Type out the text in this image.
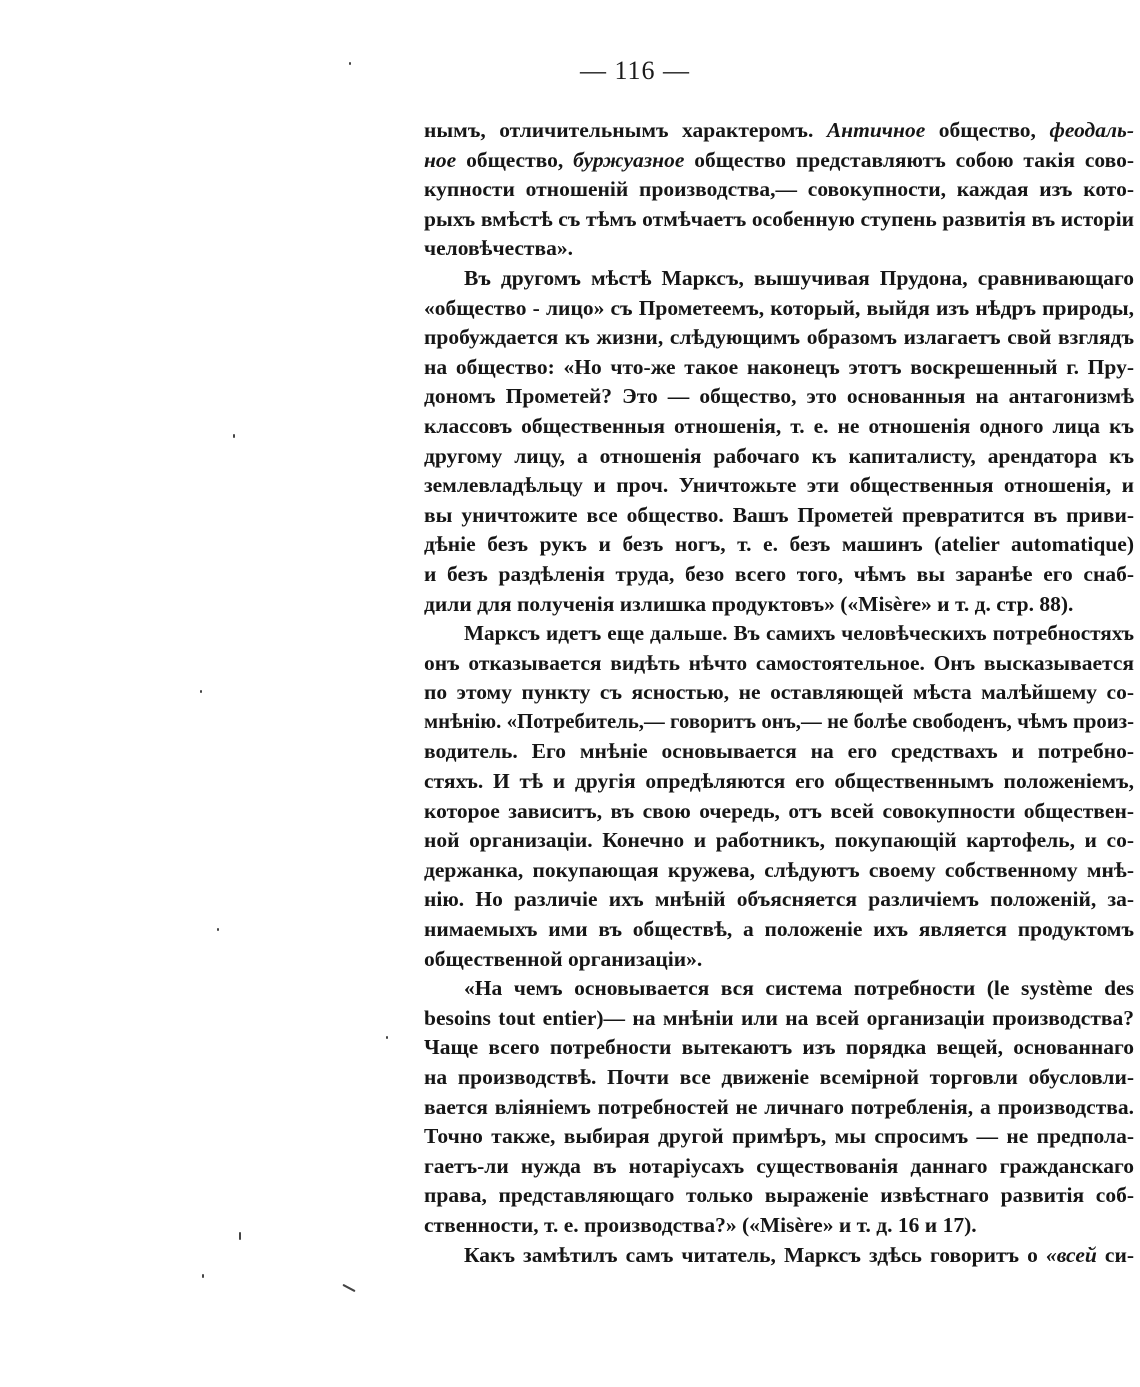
— 116 —
нымъ, отличительнымъ характеромъ. Античное общество, феодаль-
ное общество, буржуазное общество представляютъ собою такія сово-
купности отношеній производства,— совокупности, каждая изъ кото-
рыхъ вмѣстѣ съ тѣмъ отмѣчаетъ особенную ступень развитія въ исторіи
человѣчества».
Въ другомъ мѣстѣ Марксъ, вышучивая Прудона, сравнивающаго
«общество - лицо» съ Прометеемъ, который, выйдя изъ нѣдръ природы,
пробуждается къ жизни, слѣдующимъ образомъ излагаетъ свой взглядъ
на общество: «Но что-же такое наконецъ этотъ воскрешенный г. Пру-
дономъ Прометей? Это — общество, это основанныя на антагонизмѣ
классовъ общественныя отношенія, т. е. не отношенія одного лица къ
другому лицу, а отношенія рабочаго къ капиталисту, арендатора къ
землевладѣльцу и проч. Уничтожьте эти общественныя отношенія, и
вы уничтожите все общество. Вашъ Прометей превратится въ приви-
дѣніе безъ рукъ и безъ ногъ, т. е. безъ машинъ (atelier automatique)
и безъ раздѣленія труда, безо всего того, чѣмъ вы заранѣе его снаб-
дили для полученія излишка продуктовъ» («Misère» и т. д. стр. 88).
Марксъ идетъ еще дальше. Въ самихъ человѣческихъ потребностяхъ
онъ отказывается видѣть нѣчто самостоятельное. Онъ высказывается
по этому пункту съ ясностью, не оставляющей мѣста малѣйшему со-
мнѣнію. «Потребитель,— говоритъ онъ,— не болѣе свободенъ, чѣмъ произ-
водитель. Его мнѣніе основывается на его средствахъ и потребно-
стяхъ. И тѣ и другія опредѣляются его общественнымъ положеніемъ,
которое зависитъ, въ свою очередь, отъ всей совокупности обществен-
ной организаціи. Конечно и работникъ, покупающій картофель, и со-
держанка, покупающая кружева, слѣдуютъ своему собственному мнѣ-
нію. Но различіе ихъ мнѣній объясняется различіемъ положеній, за-
нимаемыхъ ими въ обществѣ, а положеніе ихъ является продуктомъ
общественной организаціи».
«На чемъ основывается вся система потребности (le système des
besoins tout entier)— на мнѣніи или на всей организаціи производства?
Чаще всего потребности вытекаютъ изъ порядка вещей, основаннаго
на производствѣ. Почти все движеніе всемірной торговли обусловли-
вается вліяніемъ потребностей не личнаго потребленія, а производства.
Точно также, выбирая другой примѣръ, мы спросимъ — не предпола-
гаетъ-ли нужда въ нотаріусахъ существованія даннаго гражданскаго
права, представляющаго только выраженіе извѣстнаго развитія соб-
ственности, т. е. производства?» («Misère» и т. д. 16 и 17).
Какъ замѣтилъ самъ читатель, Марксъ здѣсь говоритъ о «всей си-
